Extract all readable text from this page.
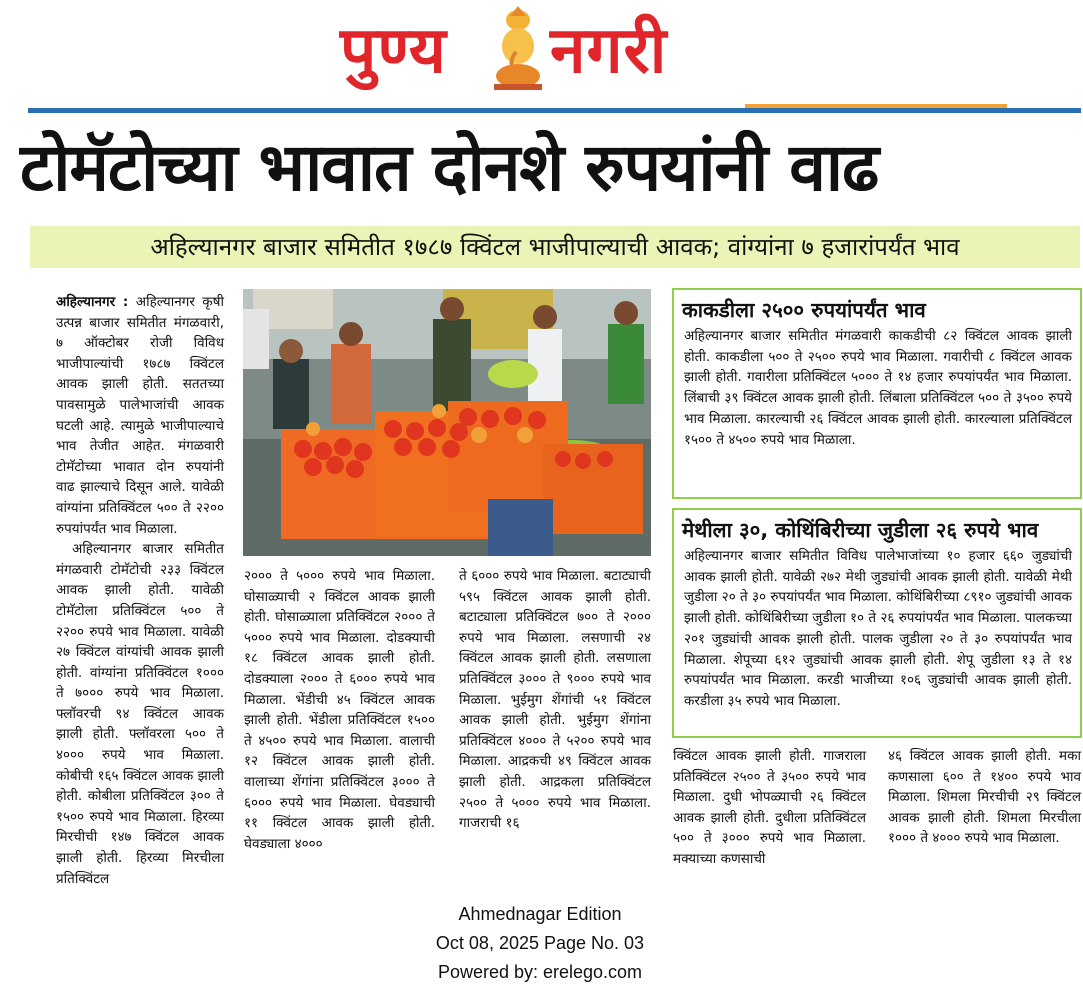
पुण्य नगरी
टोमॅटोच्या भावात दोनशे रुपयांनी वाढ
अहिल्यानगर बाजार समितीत १७८७ क्विंटल भाजीपाल्याची आवक; वांग्यांना ७ हजारांपर्यंत भाव

अहिल्यानगर : अहिल्यानगर कृषी उत्पन्न बाजार समितीत मंगळवारी, ७ ऑक्टोबर रोजी विविध भाजीपाल्यांची १७८७ क्विंटल आवक झाली होती. सततच्या पावसामुळे पालेभाजांची आवक घटली आहे. त्यामुळे भाजीपाल्याचे भाव तेजीत आहेत. मंगळवारी टोमॅटोच्या भावात दोन रुपयांनी वाढ झाल्याचे दिसून आले. यावेळी वांग्यांना प्रतिक्विंटल ५०० ते २२०० रुपयांपर्यंत भाव मिळाला.

अहिल्यानगर बाजार समितीत मंगळवारी टोमॅटोची २३३ क्विंटल आवक झाली होती. यावेळी टोमॅटोला प्रतिक्विंटल ५०० ते २२०० रुपये भाव मिळाला. यावेळी २७ क्विंटल वांग्यांची आवक झाली होती. वांग्यांना प्रतिक्विंटल १००० ते ७००० रुपये भाव मिळाला. फ्लॉवरची ९४ क्विंटल आवक झाली होती. फ्लॉवरला ५०० ते ४००० रुपये भाव मिळाला. कोबीची १६५ क्विंटल आवक झाली होती. कोबीला प्रतिक्विंटल ३०० ते १५०० रुपये भाव मिळाला. हिरव्या मिरचीची १४७ क्विंटल आवक झाली होती. हिरव्या मिरचीला प्रतिक्विंटल

२००० ते ५००० रुपये भाव मिळाला. घोसाळ्याची २ क्विंटल आवक झाली होती. घोसाळ्याला प्रतिक्विंटल २००० ते ५००० रुपये भाव मिळाला. दोडक्याची १८ क्विंटल आवक झाली होती. दोडक्याला २००० ते ६००० रुपये भाव मिळाला. भेंडीची ४५ क्विंटल आवक झाली होती. भेंडीला प्रतिक्विंटल १५०० ते ४५०० रुपये भाव मिळाला. वालाची १२ क्विंटल आवक झाली होती. वालाच्या शेंगांना प्रतिक्विंटल ३००० ते ६००० रुपये भाव मिळाला. घेवड्याची ११ क्विंटल आवक झाली होती. घेवड्याला ४०००

ते ६००० रुपये भाव मिळाला. बटाट्याची ५९५ क्विंटल आवक झाली होती. बटाट्याला प्रतिक्विंटल ७०० ते २००० रुपये भाव मिळाला. लसणाची २४ क्विंटल आवक झाली होती. लसणाला प्रतिक्विंटल ३००० ते ९००० रुपये भाव मिळाला. भुईमुग शेंगांची ५१ क्विंटल आवक झाली होती. भुईमुग शेंगांना प्रतिक्विंटल ४००० ते ५२०० रुपये भाव मिळाला. आद्रकची ४९ क्विंटल आवक झाली होती. आद्रकला प्रतिक्विंटल २५०० ते ५००० रुपये भाव मिळाला. गाजराची १६

काकडीला २५०० रुपयांपर्यंत भाव
अहिल्यानगर बाजार समितीत मंगळवारी काकडीची ८२ क्विंटल आवक झाली होती. काकडीला ५०० ते २५०० रुपये भाव मिळाला. गवारीची ८ क्विंटल आवक झाली होती. गवारीला प्रतिक्विंटल ५००० ते १४ हजार रुपयांपर्यंत भाव मिळाला. लिंबाची ३९ क्विंटल आवक झाली होती. लिंबाला प्रतिक्विंटल ५०० ते ३५०० रुपये भाव मिळाला. कारल्याची २६ क्विंटल आवक झाली होती. कारल्याला प्रतिक्विंटल १५०० ते ४५०० रुपये भाव मिळाला.
मेथीला ३०, कोथिंबिरीच्या जुडीला २६ रुपये भाव
अहिल्यानगर बाजार समितीत विविध पालेभाजांच्या १० हजार ६६० जुड्यांची आवक झाली होती. यावेळी २७२ मेथी जुड्यांची आवक झाली होती. यावेळी मेथी जुडीला २० ते ३० रुपयांपर्यंत भाव मिळाला. कोथिंबिरीच्या ८९१० जुड्यांची आवक झाली होती. कोथिंबिरीच्या जुडीला १० ते २६ रुपयांपर्यंत भाव मिळाला. पालकच्या २०१ जुड्यांची आवक झाली होती. पालक जुडीला २० ते ३० रुपयांपर्यंत भाव मिळाला. शेपूच्या ६१२ जुड्यांची आवक झाली होती. शेपू जुडीला १३ ते १४ रुपयांपर्यंत भाव मिळाला. करडी भाजीच्या १०६ जुड्यांची आवक झाली होती. करडीला ३५ रुपये भाव मिळाला.

क्विंटल आवक झाली होती. गाजराला प्रतिक्विंटल २५०० ते ३५०० रुपये भाव मिळाला. दुधी भोपळ्याची २६ क्विंटल आवक झाली होती. दुधीला प्रतिक्विंटल ५०० ते ३००० रुपये भाव मिळाला. मक्याच्या कणसाची

४६ क्विंटल आवक झाली होती. मका कणसाला ६०० ते १४०० रुपये भाव मिळाला. शिमला मिरचीची २९ क्विंटल आवक झाली होती. शिमला मिरचीला १००० ते ४००० रुपये भाव मिळाला.

Ahmednagar Edition
Oct 08, 2025 Page No. 03
Powered by: erelego.com
